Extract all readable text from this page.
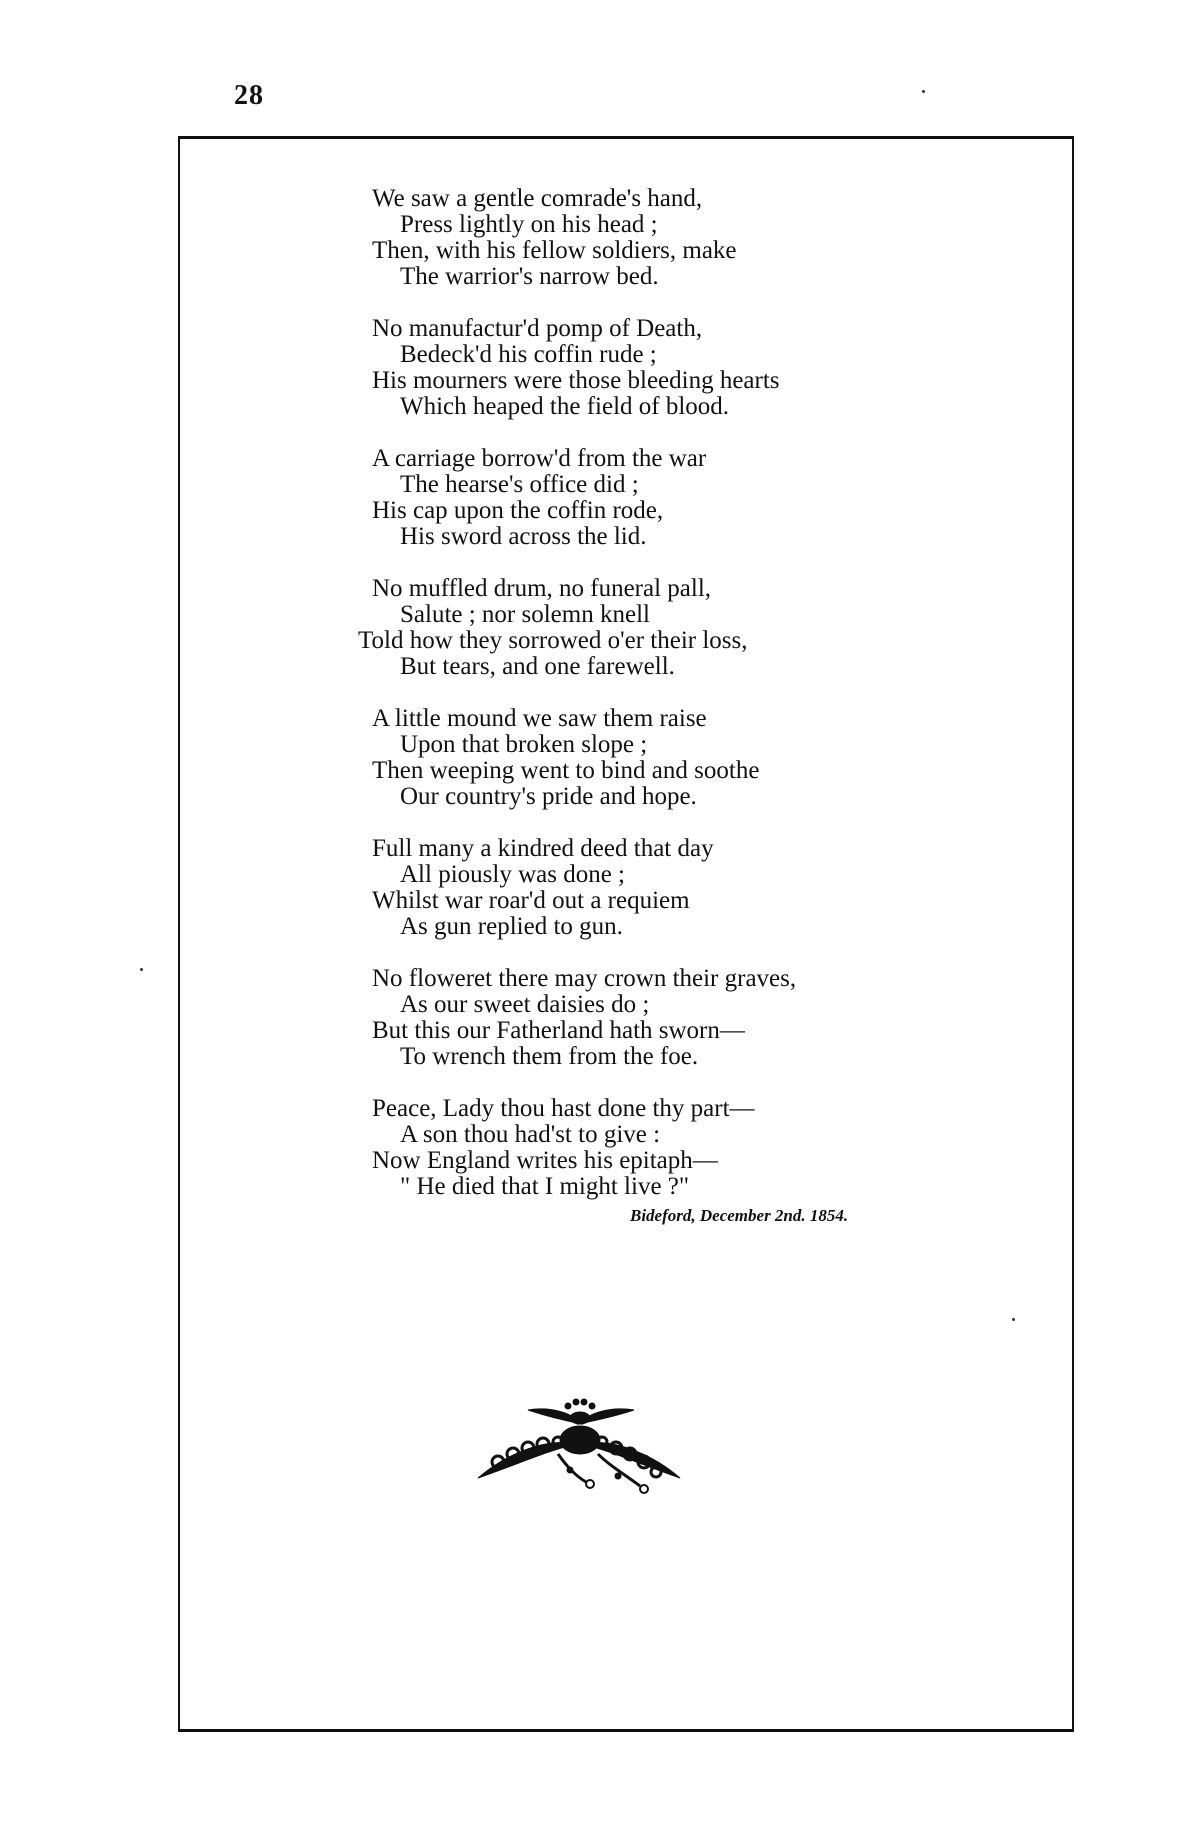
28
We saw a gentle comrade's hand,
Press lightly on his head ;
Then, with his fellow soldiers, make
The warrior's narrow bed.
No manufactur'd pomp of Death,
Bedeck'd his coffin rude ;
His mourners were those bleeding hearts
Which heaped the field of blood.
A carriage borrow'd from the war
The hearse's office did ;
His cap upon the coffin rode,
His sword across the lid.
No muffled drum, no funeral pall,
Salute ; nor solemn knell
Told how they sorrowed o'er their loss,
But tears, and one farewell.
A little mound we saw them raise
Upon that broken slope ;
Then weeping went to bind and soothe
Our country's pride and hope.
Full many a kindred deed that day
All piously was done ;
Whilst war roar'd out a requiem
As gun replied to gun.
No floweret there may crown their graves,
As our sweet daisies do ;
But this our Fatherland hath sworn—
To wrench them from the foe.
Peace, Lady thou hast done thy part—
A son thou had'st to give :
Now England writes his epitaph—
" He died that I might live ?"
Bideford, December 2nd. 1854.
